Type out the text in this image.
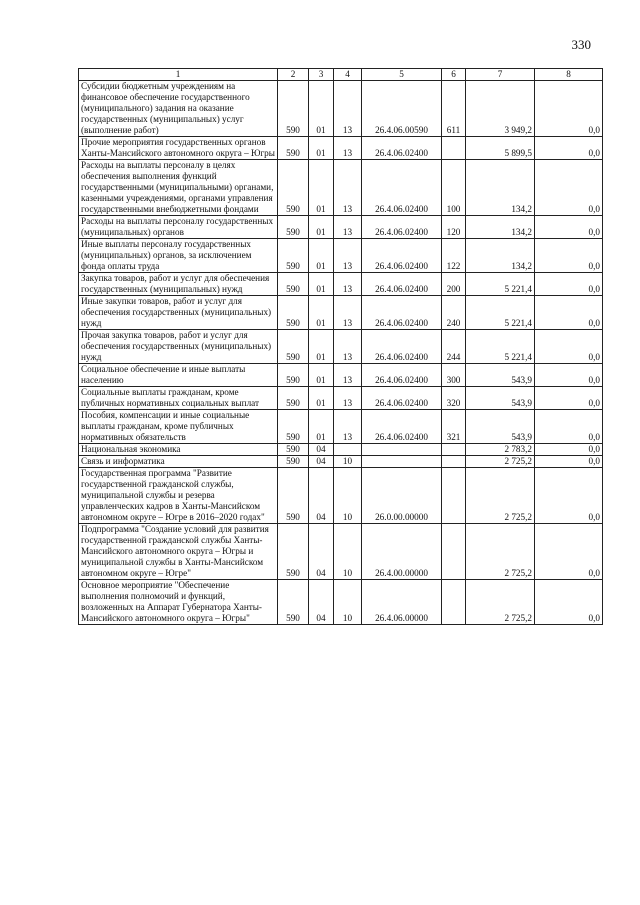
330
1	2	3	4	5	6	7	8
Субсидии бюджетным учреждениям на финансовое обеспечение государственного (муниципального) задания на оказание государственных (муниципальных) услуг (выполнение работ)	590	01	13	26.4.06.00590	611	3 949,2	0,0
Прочие мероприятия государственных органов Ханты-Мансийского автономного округа – Югры	590	01	13	26.4.06.02400		5 899,5	0,0
Расходы на выплаты персоналу в целях обеспечения выполнения функций государственными (муниципальными) органами, казенными учреждениями, органами управления государственными внебюджетными фондами	590	01	13	26.4.06.02400	100	134,2	0,0
Расходы на выплаты персоналу государственных (муниципальных) органов	590	01	13	26.4.06.02400	120	134,2	0,0
Иные выплаты персоналу государственных (муниципальных) органов, за исключением фонда оплаты труда	590	01	13	26.4.06.02400	122	134,2	0,0
Закупка товаров, работ и услуг для обеспечения государственных (муниципальных) нужд	590	01	13	26.4.06.02400	200	5 221,4	0,0
Иные закупки товаров, работ и услуг для обеспечения государственных (муниципальных) нужд	590	01	13	26.4.06.02400	240	5 221,4	0,0
Прочая закупка товаров, работ и услуг для обеспечения государственных (муниципальных) нужд	590	01	13	26.4.06.02400	244	5 221,4	0,0
Социальное обеспечение и иные выплаты населению	590	01	13	26.4.06.02400	300	543,9	0,0
Социальные выплаты гражданам, кроме публичных нормативных социальных выплат	590	01	13	26.4.06.02400	320	543,9	0,0
Пособия, компенсации и иные социальные выплаты гражданам, кроме публичных нормативных обязательств	590	01	13	26.4.06.02400	321	543,9	0,0
Национальная экономика	590	04				2 783,2	0,0
Связь и информатика	590	04	10			2 725,2	0,0
Государственная программа "Развитие государственной гражданской службы, муниципальной службы и резерва управленческих кадров в Ханты-Мансийском автономном округе – Югре в 2016–2020 годах"	590	04	10	26.0.00.00000		2 725,2	0,0
Подпрограмма "Создание условий для развития государственной гражданской службы Ханты-Мансийского автономного округа – Югры и муниципальной службы в Ханты-Мансийском автономном округе – Югре"	590	04	10	26.4.00.00000		2 725,2	0,0
Основное мероприятие "Обеспечение выполнения полномочий и функций, возложенных на Аппарат Губернатора Ханты-Мансийского автономного округа – Югры"	590	04	10	26.4.06.00000		2 725,2	0,0
